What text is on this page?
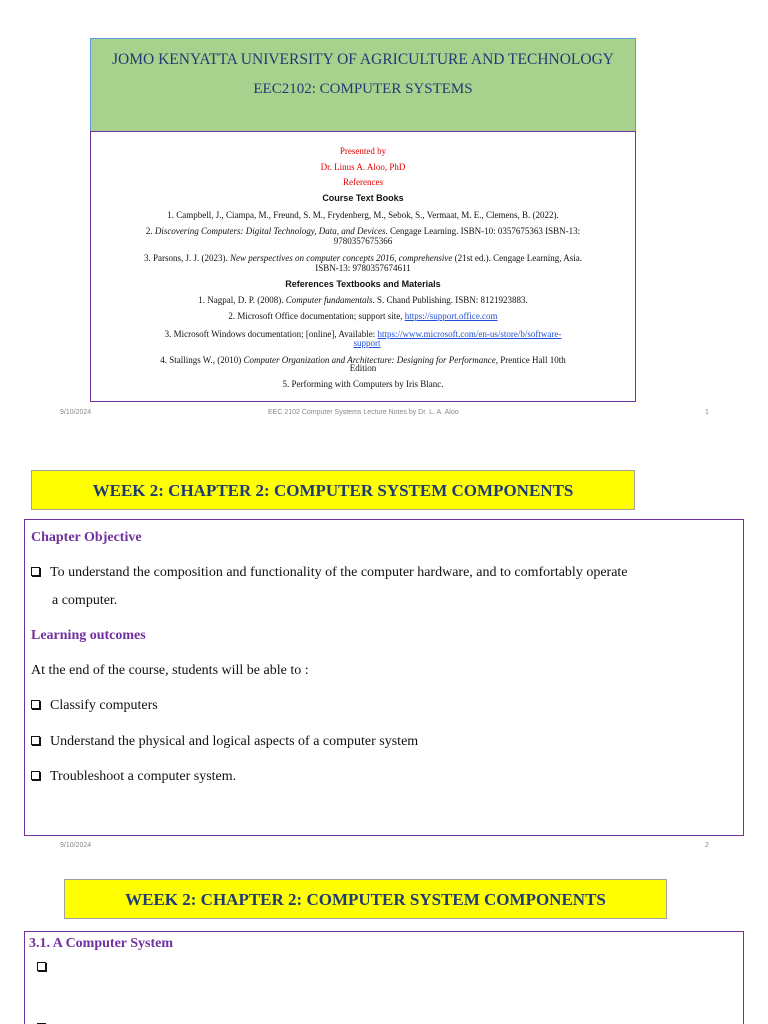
JOMO KENYATTA UNIVERSITY OF AGRICULTURE AND TECHNOLOGY
EEC2102: COMPUTER SYSTEMS
Presented by
Dr. Linus A. Aloo, PhD
References
Course Text Books
1. Campbell, J., Ciampa, M., Freund, S. M., Frydenberg, M., Sebok, S., Vermaat, M. E., Clemens, B. (2022).
2. Discovering Computers: Digital Technology, Data, and Devices. Cengage Learning. ISBN-10: 0357675363 ISBN-13:
9780357675366
3. Parsons, J. J. (2023). New perspectives on computer concepts 2016, comprehensive (21st ed.). Cengage Learning, Asia.
ISBN-13: 9780357674611
References Textbooks and Materials
1. Nagpal, D. P. (2008). Computer fundamentals. S. Chand Publishing. ISBN: 8121923883.
2. Microsoft Office documentation; support site, https://support.office.com
3. Microsoft Windows documentation; [online], Available: https://www.microsoft.com/en-us/store/b/software-
support
4. Stallings W., (2010) Computer Organization and Architecture: Designing for Performance, Prentice Hall 10th
Edition
5. Performing with Computers by Iris Blanc.
9/10/2024	EEC 2102 Computer Systems Lecture Notes by Dr. L. A. Aloo	1
WEEK 2: CHAPTER 2: COMPUTER SYSTEM COMPONENTS
Chapter Objective
To understand the composition and functionality of the computer hardware, and to comfortably operate
a computer.
Learning outcomes
At the end of the course, students will be able to :
Classify computers
Understand the physical and logical aspects of a computer system
Troubleshoot a computer system.
9/10/2024	2
WEEK 2: CHAPTER 2: COMPUTER SYSTEM COMPONENTS
3.1. A Computer System
